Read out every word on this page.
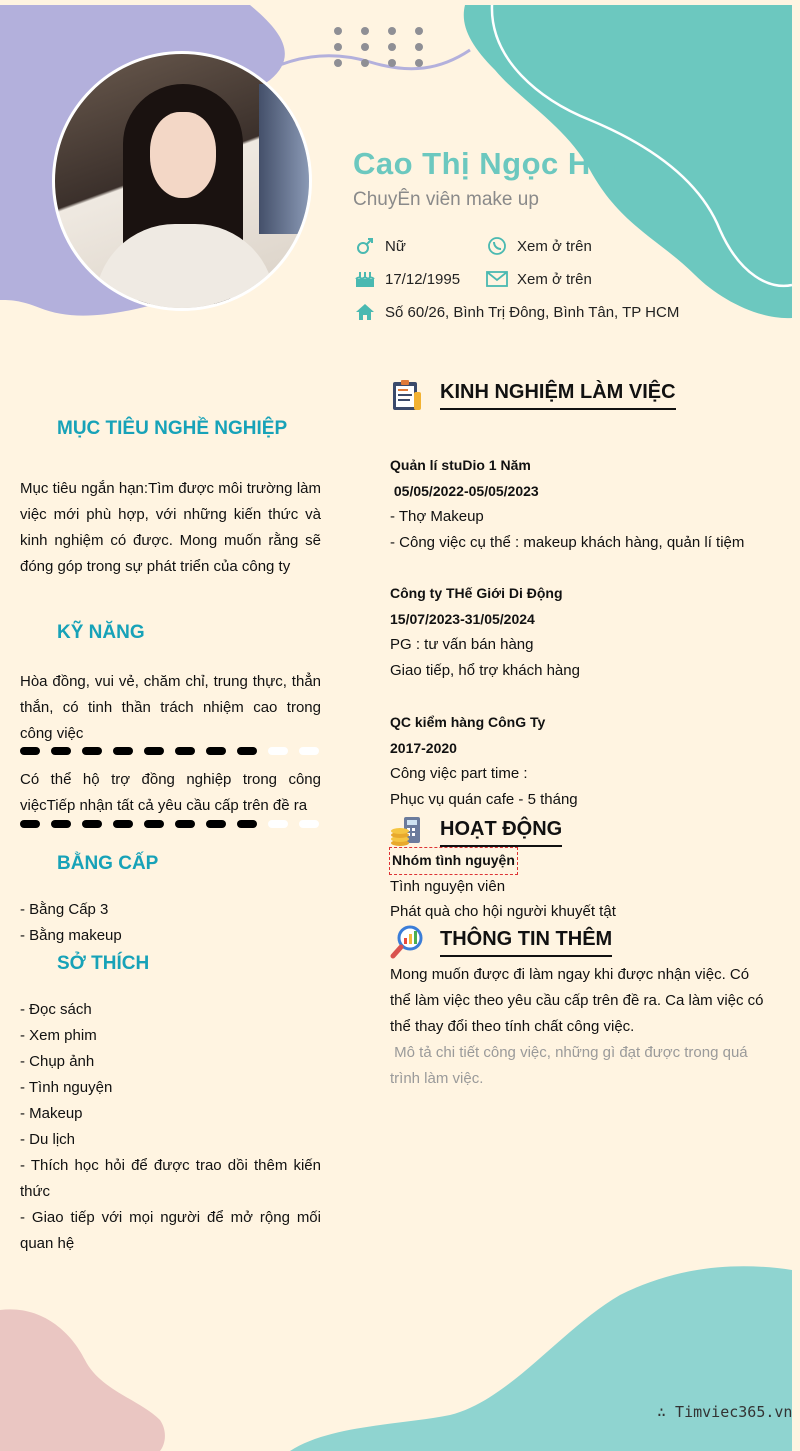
Cao Thị Ngọc Hân
ChuyÊn viên make up
Nữ	Xem ở trên
17/12/1995	Xem ở trên
Số 60/26, Bình Trị Đông, Bình Tân, TP HCM
MỤC TIÊU NGHỀ NGHIỆP
Mục tiêu ngắn hạn:Tìm được môi trường làm việc mới phù hợp, với những kiến thức và kinh nghiệm có được. Mong muốn rằng sẽ đóng góp trong sự phát triển của công ty
KỸ NĂNG
Hòa đồng, vui vẻ, chăm chỉ, trung thực, thẳn thắn, có tinh thần trách nhiệm cao trong công việc
Có thể hộ trợ đồng nghiệp trong công việcTiếp nhận tất cả yêu cầu cấp trên đề ra
BẰNG CẤP
- Bằng Cấp 3
- Bằng makeup
SỞ THÍCH
- Đọc sách
- Xem phim
- Chụp ảnh
- Tình nguyện
- Makeup
- Du lịch
- Thích học hỏi để được trao dồi thêm kiến thức
- Giao tiếp với mọi người để mở rộng mối quan hệ
KINH NGHIỆM LÀM VIỆC
Quản lí stuDio 1 Năm
05/05/2022-05/05/2023
- Thợ Makeup
- Công việc cụ thể : makeup khách hàng, quản lí tiệm
Công ty THế Giới Di Động
15/07/2023-31/05/2024
PG : tư vấn bán hàng
Giao tiếp, hổ trợ khách hàng
QC kiểm hàng CônG Ty
2017-2020
Công việc part time :
Phục vụ quán cafe - 5 tháng
HOẠT ĐỘNG
Nhóm tình nguyện
Tình nguyện viên
Phát quà cho hội người khuyết tật
THÔNG TIN THÊM
Mong muốn được đi làm ngay khi được nhận việc. Có thể làm việc theo yêu cầu cấp trên đề ra. Ca làm việc có thể thay đổi theo tính chất công việc.
Mô tả chi tiết công việc, những gì đạt được trong quá trình làm việc.
∴ Timviec365.vn
